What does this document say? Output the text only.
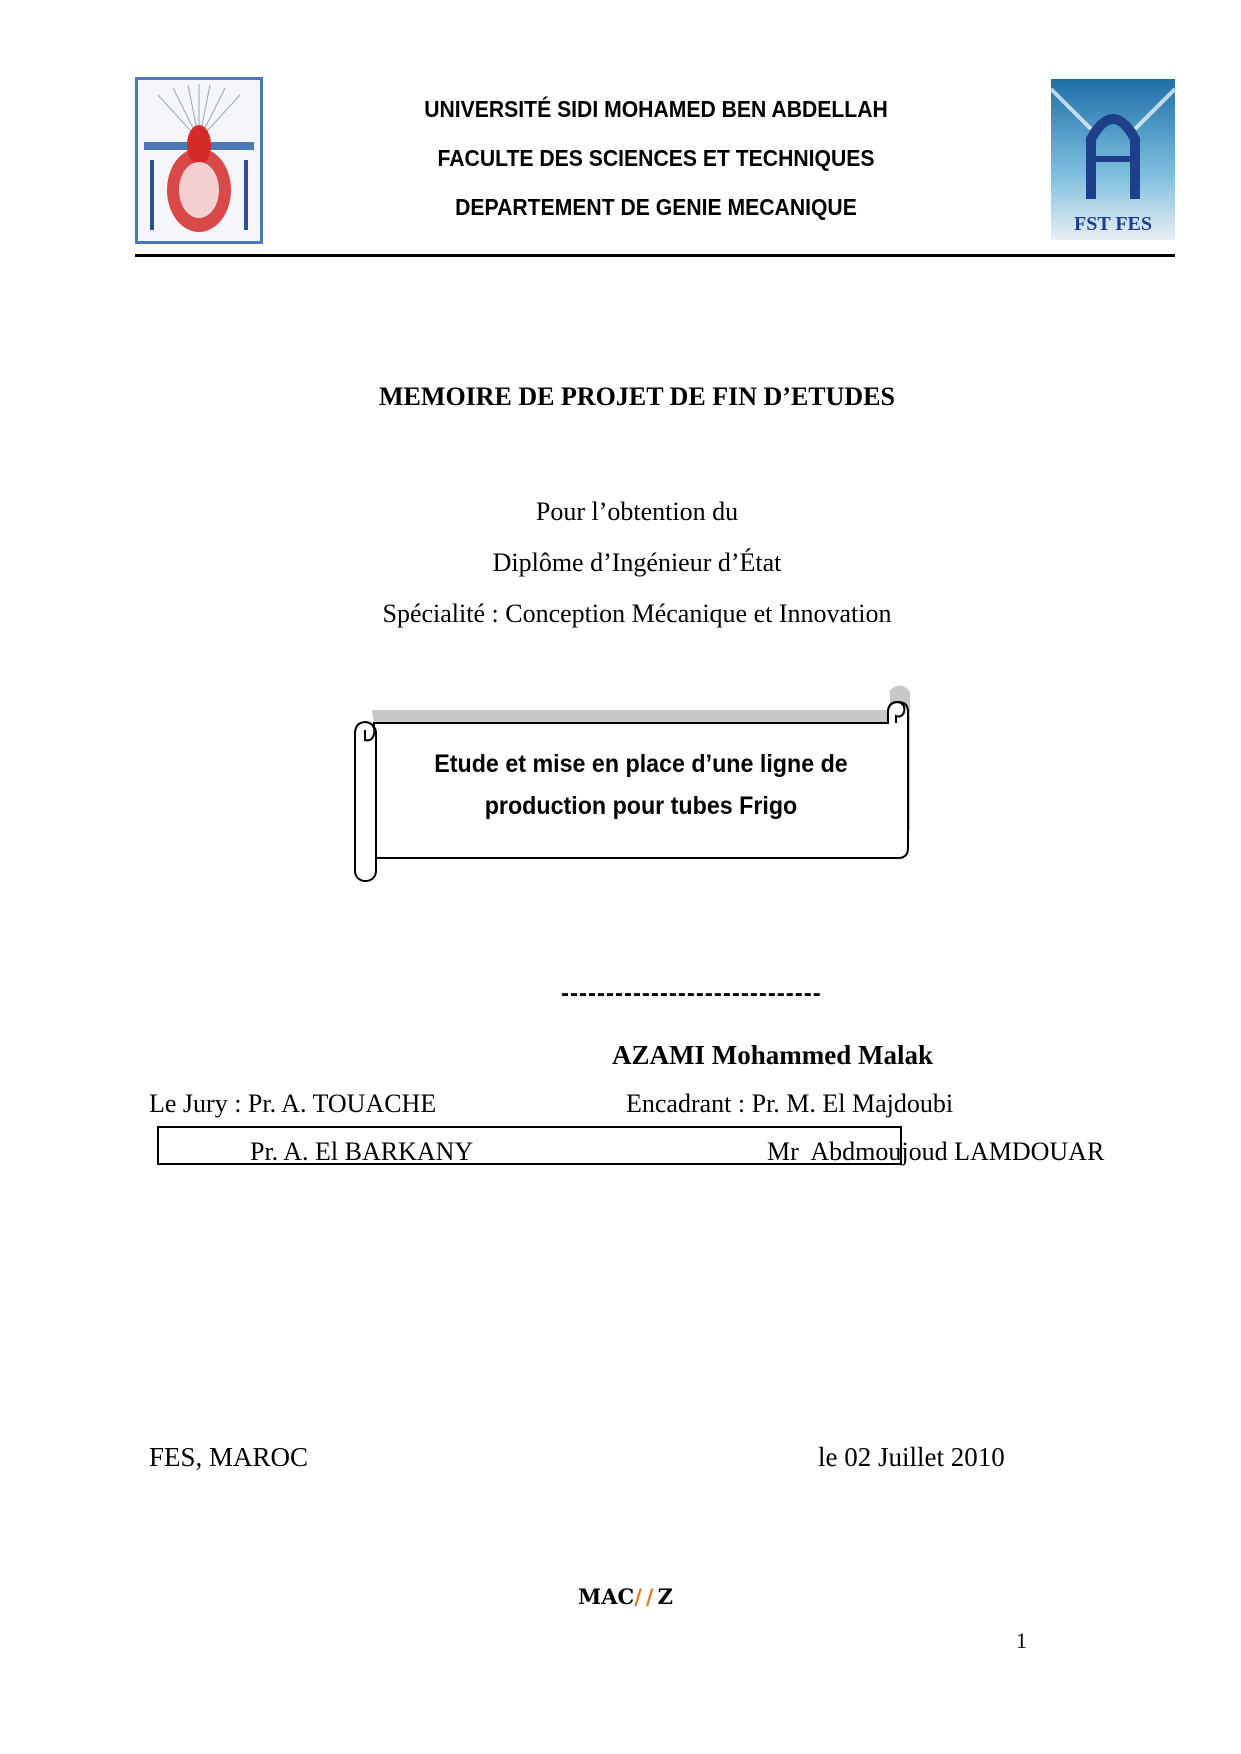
UNIVERSITÉ SIDI MOHAMED BEN ABDELLAH
FACULTE DES SCIENCES ET TECHNIQUES
DEPARTEMENT DE GENIE MECANIQUE
FST FES
MEMOIRE DE PROJET DE FIN D’ETUDES
Pour l’obtention du
Diplôme d’Ingénieur d’État
Spécialité : Conception Mécanique et Innovation
Etude et mise en place d’une ligne de
production pour tubes Frigo
-----------------------------
AZAMI Mohammed Malak
Le Jury : Pr. A. TOUACHE	Encadrant : Pr. M. El Majdoubi
Pr. A. El BARKANY	Mr  Abdmoujoud LAMDOUAR
FES, MAROC	le 02 Juillet 2010
MAC//Z
1
